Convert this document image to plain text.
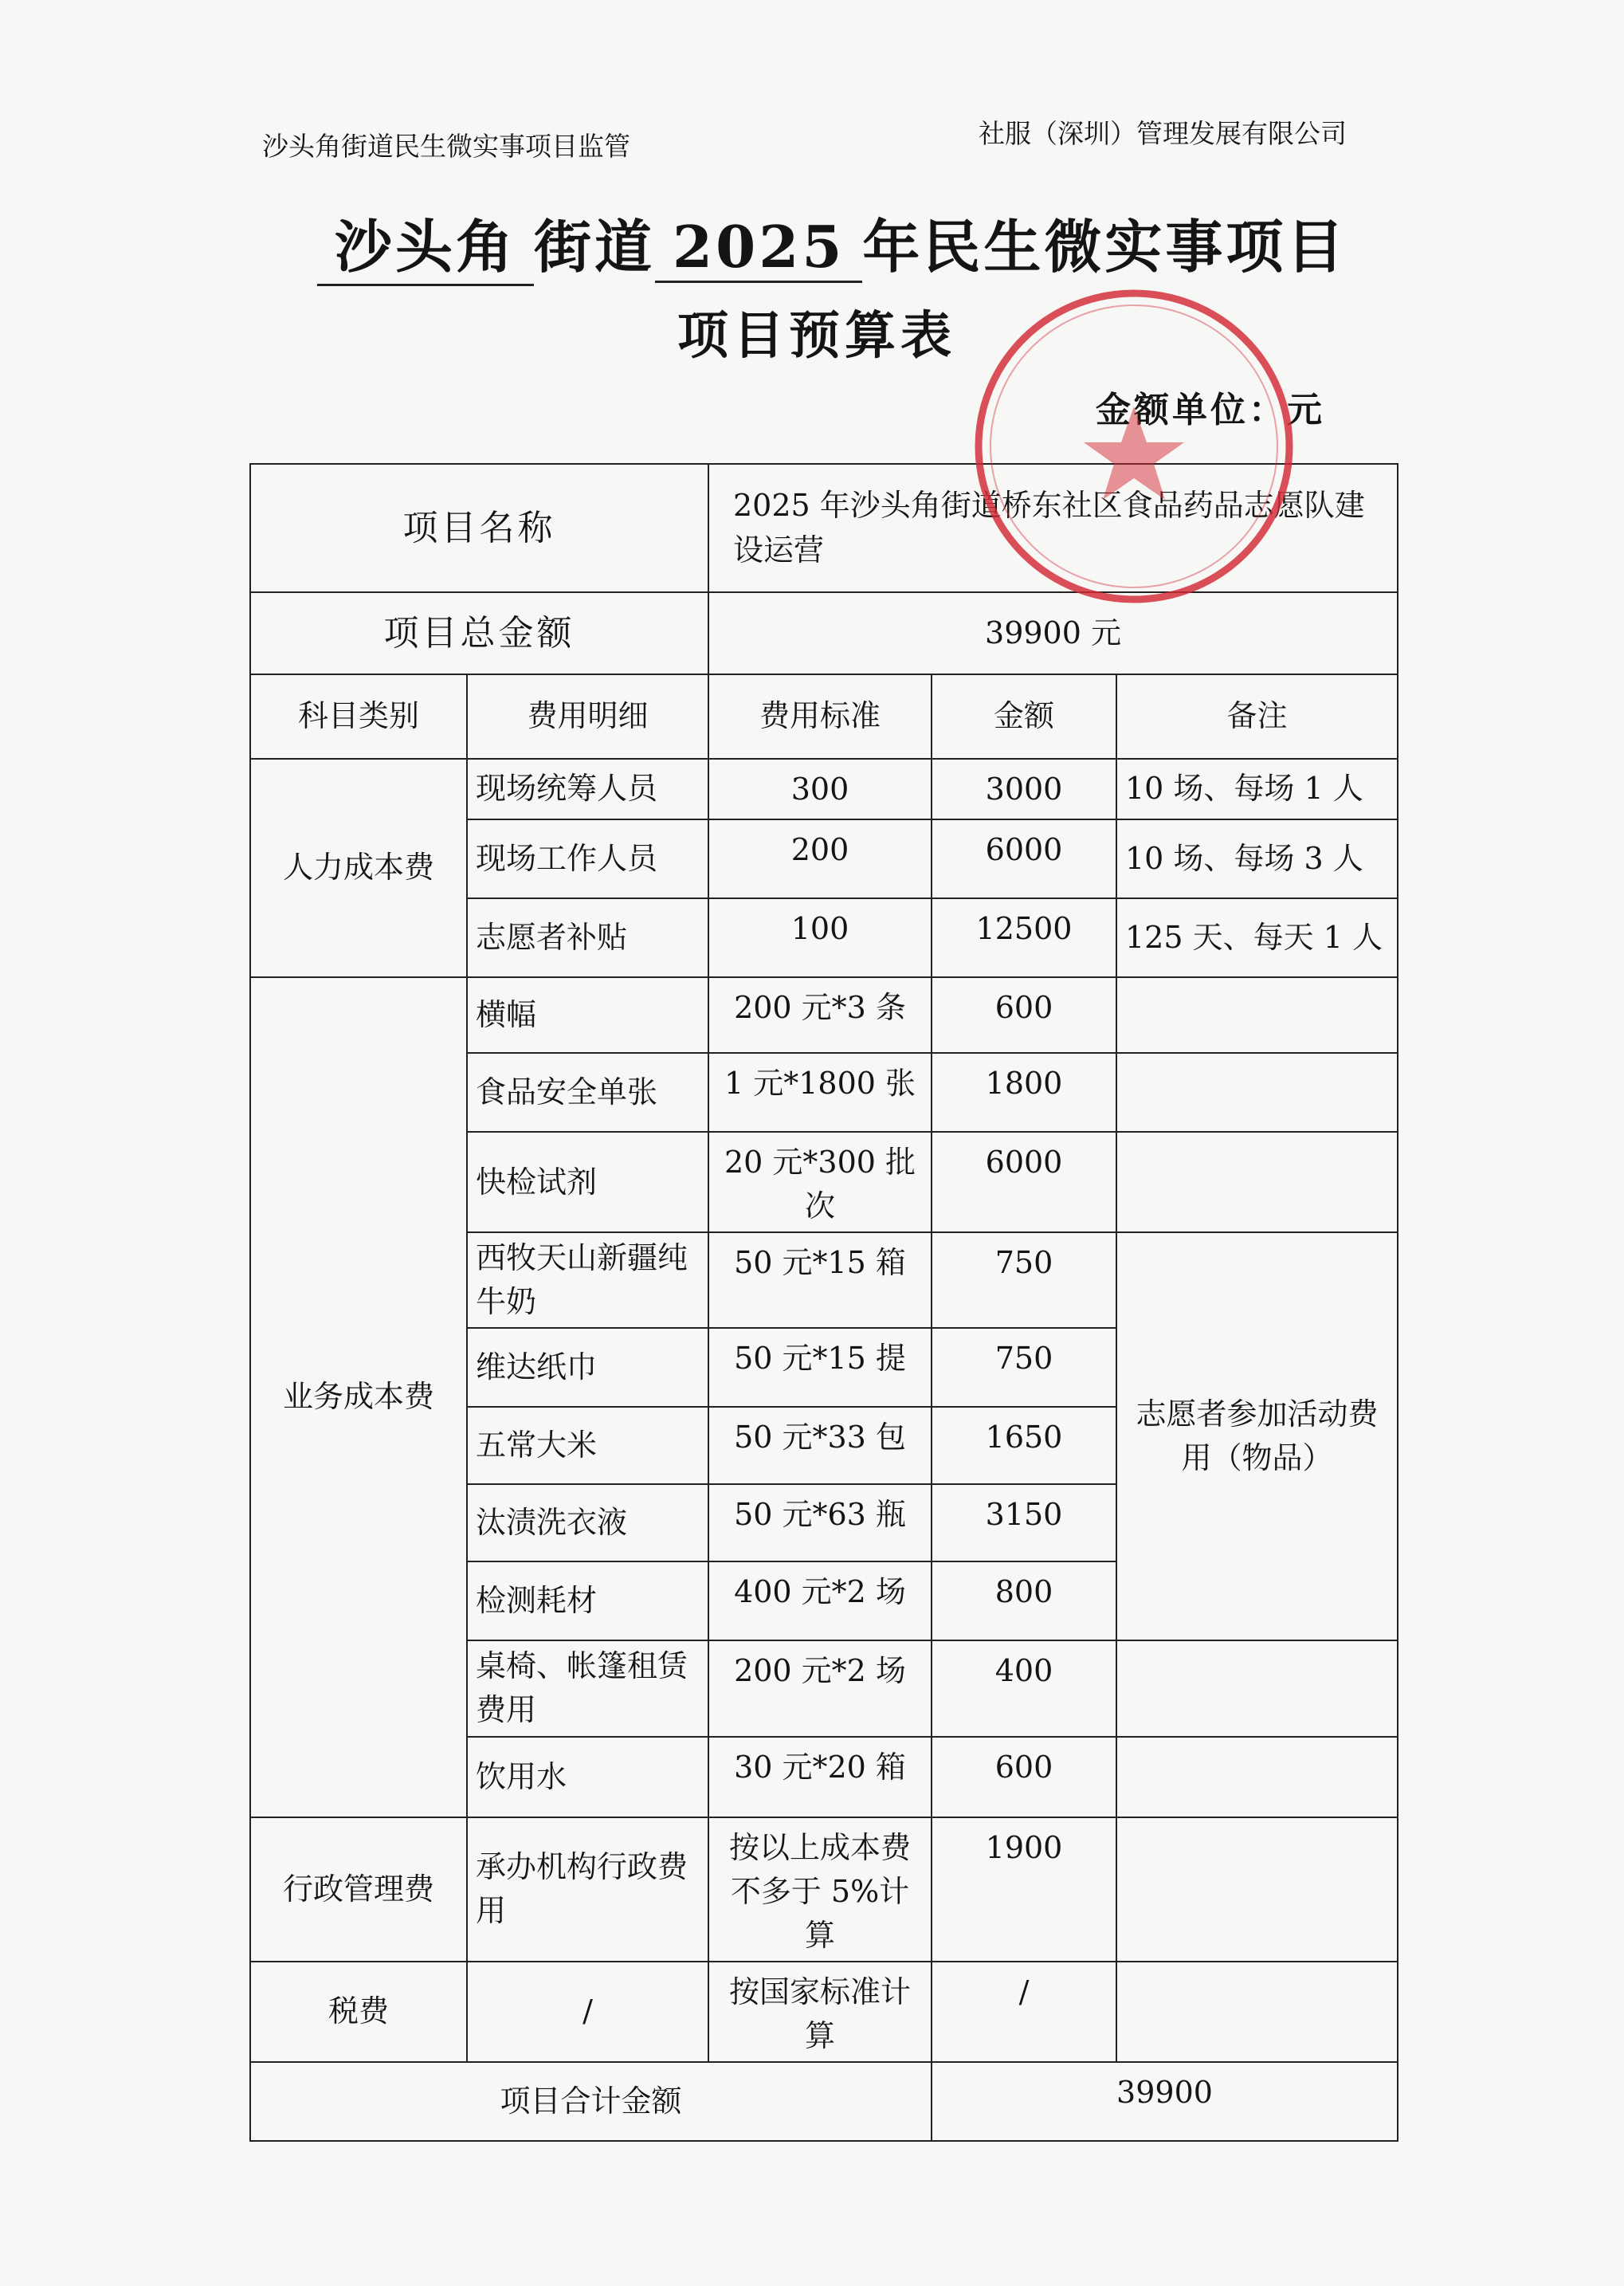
沙头角街道民生微实事项目监管	社服（深圳）管理发展有限公司
沙头角 街道 2025 年民生微实事项目
项目预算表
金额单位：元
项目名称		2025 年沙头角街道桥东社区食品药品志愿队建设运营			
项目总金额		39900 元			
科目类别	费用明细	费用标准	金额	备注	
人力成本费	现场统筹人员	300	3000	10 场、每场 1 人	
	现场工作人员	200	6000	10 场、每场 3 人	
	志愿者补贴	100	12500	125 天、每天 1 人	
业务成本费	横幅	200 元*3 条	600		
	食品安全单张	1 元*1800 张	1800		
	快检试剂	20 元*300 批次	6000		
	西牧天山新疆纯牛奶	50 元*15 箱	750	志愿者参加活动费用（物品）	
	维达纸巾	50 元*15 提	750		
	五常大米	50 元*33 包	1650		
	汰渍洗衣液	50 元*63 瓶	3150		
	检测耗材	400 元*2 场	800		
	桌椅、帐篷租赁费用	200 元*2 场	400		
	饮用水	30 元*20 箱	600		
行政管理费	承办机构行政费用	按以上成本费不多于 5%计算	1900		
税费	/	按国家标准计算	/		
项目合计金额			39900		
